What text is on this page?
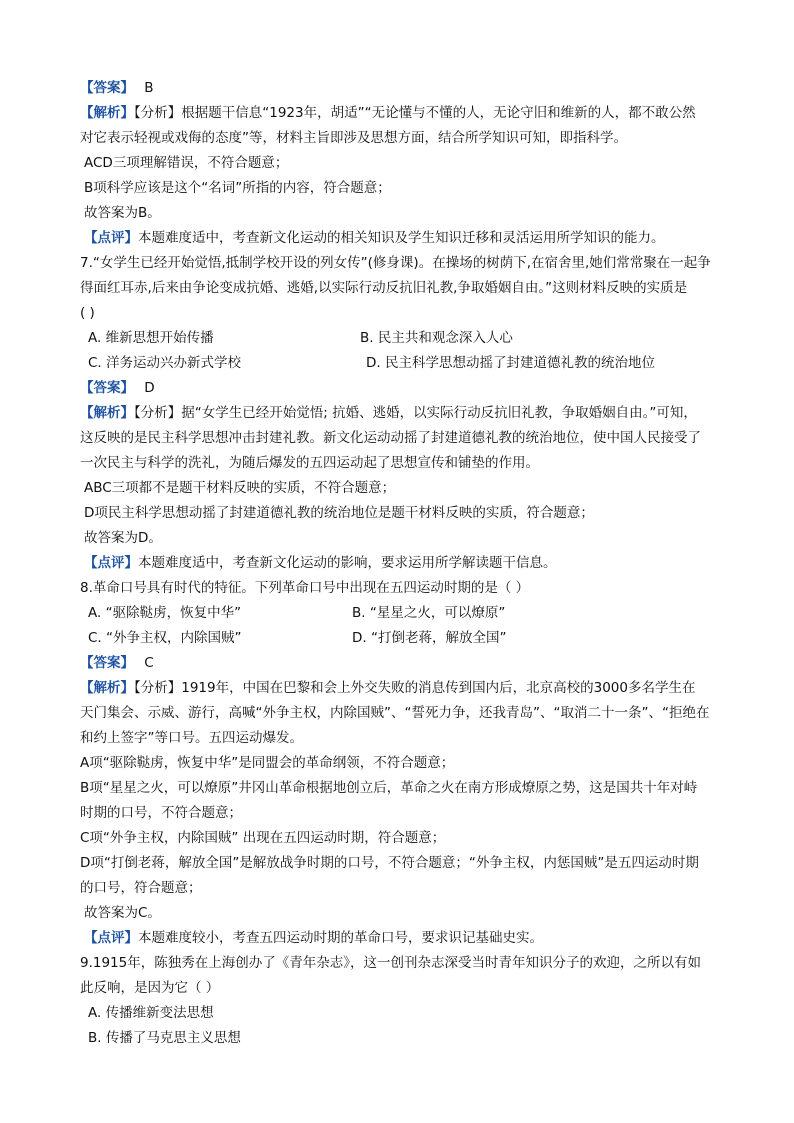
【答案】 B
【解析】【分析】根据题干信息“1923年，胡适”“无论懂与不懂的人，无论守旧和维新的人，都不敢公然
对它表示轻视或戏侮的态度”等，材料主旨即涉及思想方面，结合所学知识可知，即指科学。
ACD三项理解错误，不符合题意；
B项科学应该是这个“名词”所指的内容，符合题意；
故答案为B。
【点评】本题难度适中，考查新文化运动的相关知识及学生知识迁移和灵活运用所学知识的能力。
7.“女学生已经开始觉悟,抵制学校开设的列女传”(修身课)。在操场的树荫下,在宿舍里,她们常常聚在一起争
得面红耳赤,后来由争论变成抗婚、逃婚,以实际行动反抗旧礼教,争取婚姻自由。”这则材料反映的实质是
( )
A. 维新思想开始传播	B. 民主共和观念深入人心
C. 洋务运动兴办新式学校	D. 民主科学思想动摇了封建道德礼教的统治地位
【答案】 D
【解析】【分析】据“女学生已经开始觉悟; 抗婚、逃婚，以实际行动反抗旧礼教，争取婚姻自由。”可知，
这反映的是民主科学思想冲击封建礼教。新文化运动动摇了封建道德礼教的统治地位，使中国人民接受了
一次民主与科学的洗礼，为随后爆发的五四运动起了思想宣传和铺垫的作用。
ABC三项都不是题干材料反映的实质，不符合题意；
D项民主科学思想动摇了封建道德礼教的统治地位是题干材料反映的实质，符合题意；
故答案为D。
【点评】本题难度适中，考查新文化运动的影响，要求运用所学解读题干信息。
8.革命口号具有时代的特征。下列革命口号中出现在五四运动时期的是（ ）
A. “驱除鞑虏，恢复中华”	B. “星星之火，可以燎原”
C. “外争主权，内除国贼”	D. “打倒老蒋，解放全国”
【答案】 C
【解析】【分析】1919年，中国在巴黎和会上外交失败的消息传到国内后，北京高校的3000多名学生在
天门集会、示威、游行，高喊“外争主权，内除国贼”、“誓死力争，还我青岛”、“取消二十一条”、“拒绝在
和约上签字”等口号。五四运动爆发。
A项“驱除鞑虏，恢复中华”是同盟会的革命纲领，不符合题意；
B项“星星之火，可以燎原”井冈山革命根据地创立后，革命之火在南方形成燎原之势，这是国共十年对峙
时期的口号，不符合题意；
C项“外争主权，内除国贼” 出现在五四运动时期，符合题意；
D项“打倒老蒋，解放全国”是解放战争时期的口号，不符合题意；“外争主权，内惩国贼”是五四运动时期
的口号，符合题意；
故答案为C。
【点评】本题难度较小，考查五四运动时期的革命口号，要求识记基础史实。
9.1915年，陈独秀在上海创办了《青年杂志》，这一创刊杂志深受当时青年知识分子的欢迎，之所以有如
此反响，是因为它（ ）
A. 传播维新变法思想
B. 传播了马克思主义思想
